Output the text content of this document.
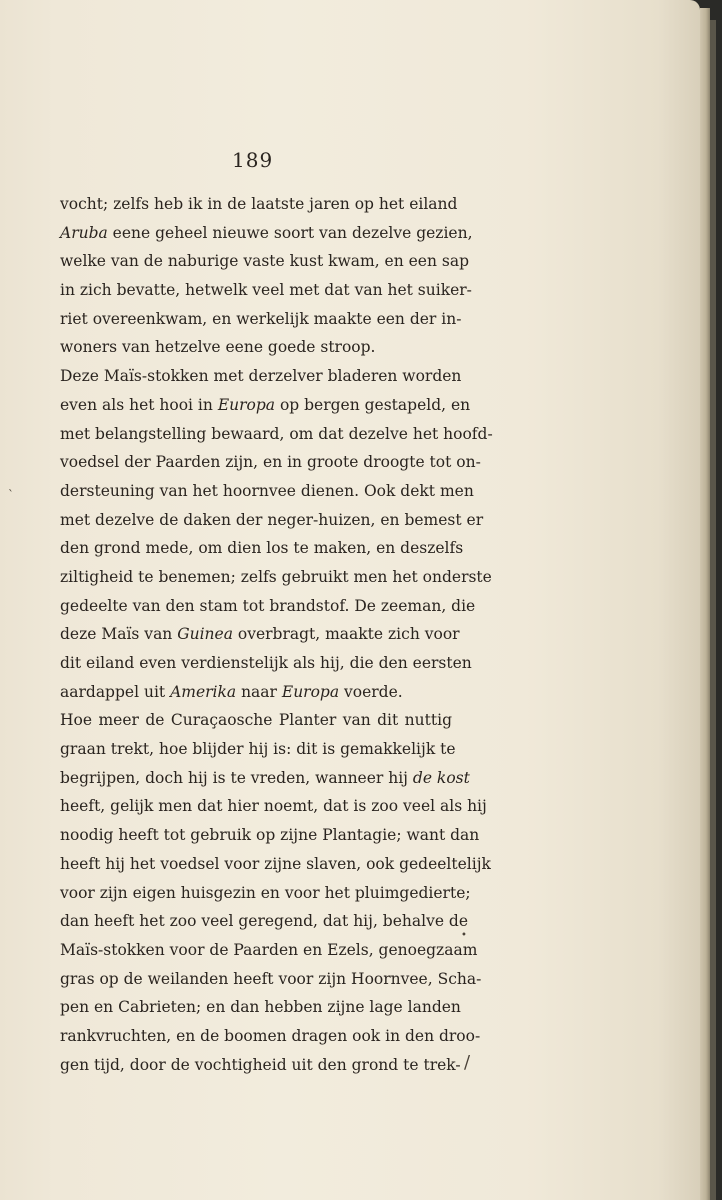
189
vocht; zelfs heb ik in de laatste jaren op het eiland
Aruba eene geheel nieuwe soort van dezelve gezien,
welke van de naburige vaste kust kwam, en een sap
in zich bevatte, hetwelk veel met dat van het suiker-
riet overeenkwam, en werkelijk maakte een der in-
woners van hetzelve eene goede stroop.
Deze Maïs-stokken met derzelver bladeren worden
even als het hooi in Europa op bergen gestapeld, en
met belangstelling bewaard, om dat dezelve het hoofd-
voedsel der Paarden zijn, en in groote droogte tot on-
dersteuning van het hoornvee dienen. Ook dekt men
met dezelve de daken der neger-huizen, en bemest er
den grond mede, om dien los te maken, en deszelfs
ziltigheid te benemen; zelfs gebruikt men het onderste
gedeelte van den stam tot brandstof. De zeeman, die
deze Maïs van Guinea overbragt, maakte zich voor
dit eiland even verdienstelijk als hij, die den eersten
aardappel uit Amerika naar Europa voerde.
Hoe meer de Curaçaosche Planter van dit nuttig
graan trekt, hoe blijder hij is: dit is gemakkelijk te
begrijpen, doch hij is te vreden, wanneer hij de kost
heeft, gelijk men dat hier noemt, dat is zoo veel als hij
noodig heeft tot gebruik op zijne Plantagie; want dan
heeft hij het voedsel voor zijne slaven, ook gedeeltelijk
voor zijn eigen huisgezin en voor het pluimgedierte;
dan heeft het zoo veel geregend, dat hij, behalve de
Maïs-stokken voor de Paarden en Ezels, genoegzaam
gras op de weilanden heeft voor zijn Hoornvee, Scha-
pen en Cabrieten; en dan hebben zijne lage landen
rankvruchten, en de boomen dragen ook in den droo-
gen tijd, door de vochtigheid uit den grond te trek- /
•
`
